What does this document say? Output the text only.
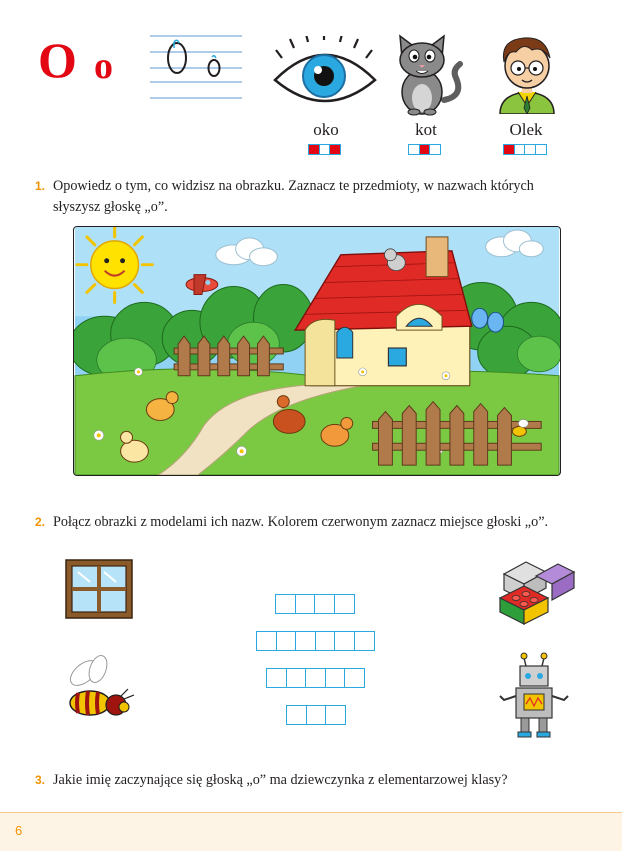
O o
oko	kot	Olek
1. Opowiedz o tym, co widzisz na obrazku. Zaznacz te przedmioty, w nazwach których
słyszysz głoskę „o”.
2. Połącz obrazki z modelami ich nazw. Kolorem czerwonym zaznacz miejsce głoski „o”.
3. Jakie imię zaczynające się głoską „o” ma dziewczynka z elementarzowej klasy?
6
